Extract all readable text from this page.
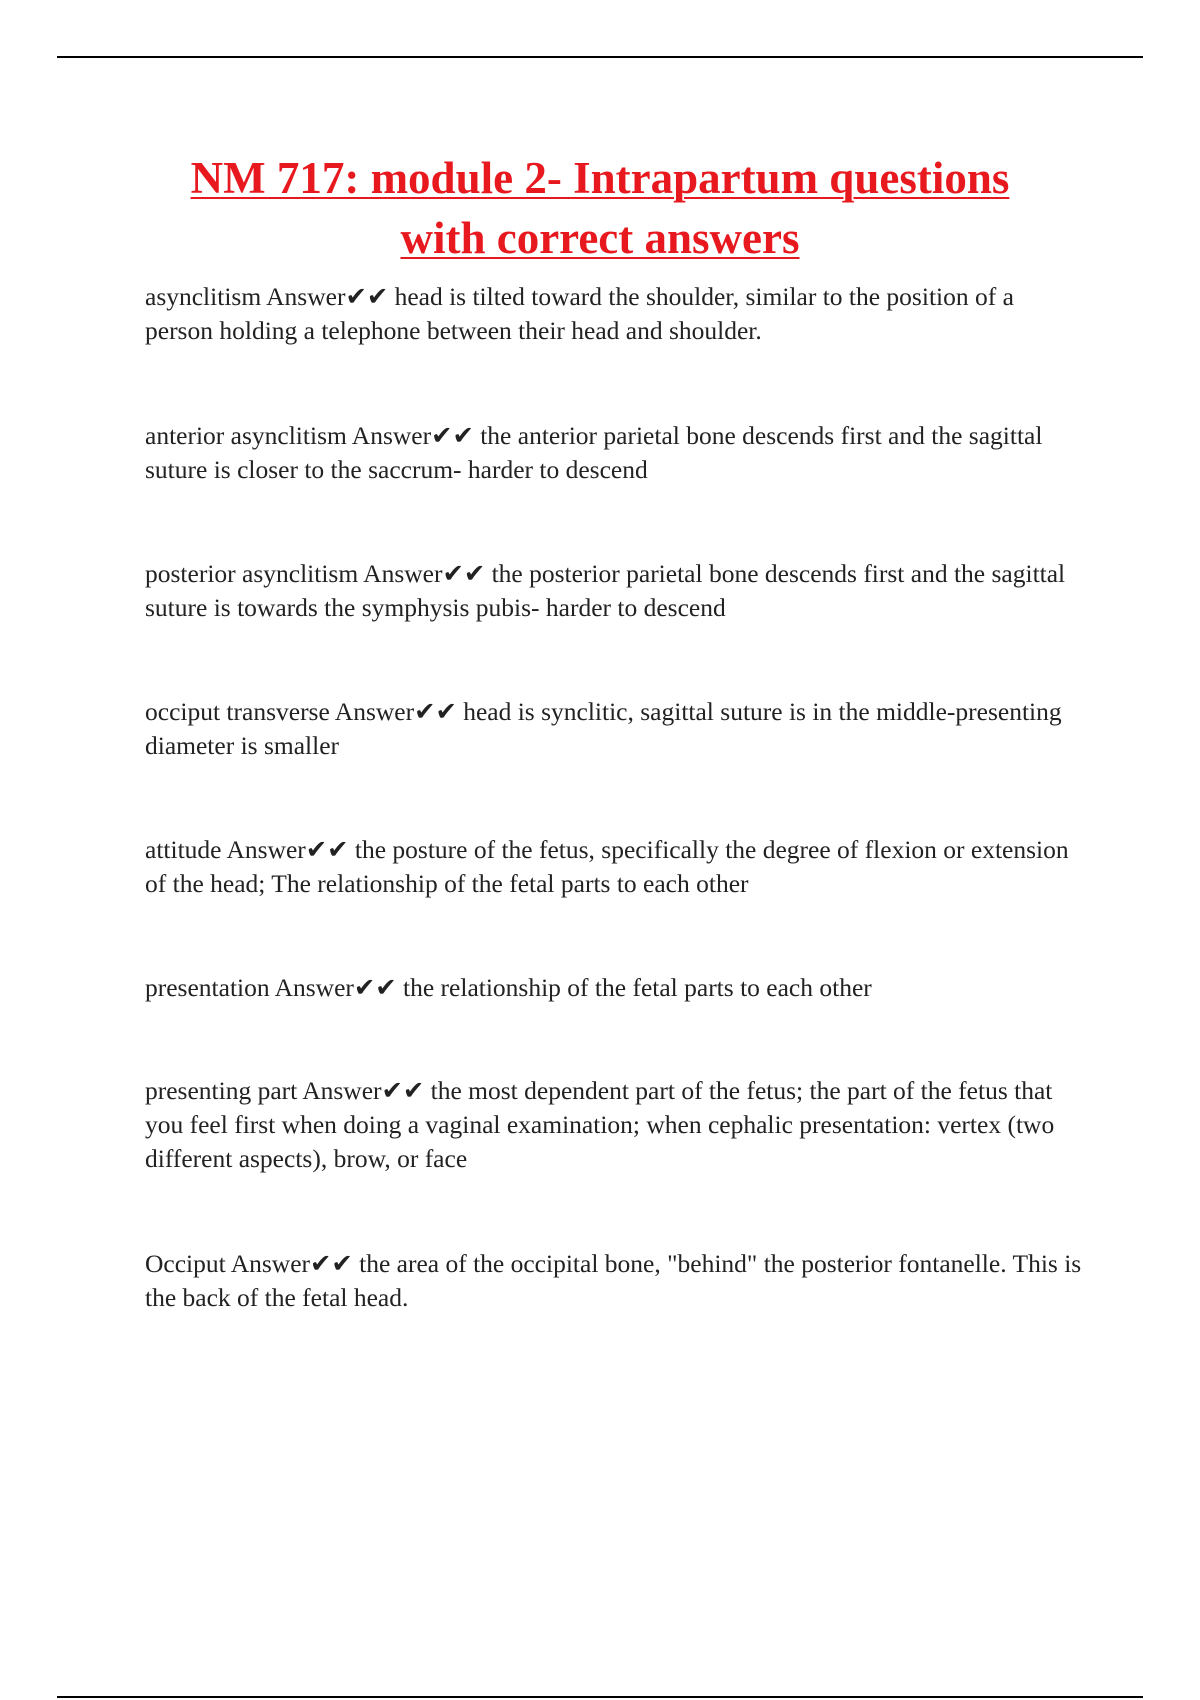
NM 717: module 2- Intrapartum questions
with correct answers

asynclitism Answer✔✔ head is tilted toward the shoulder, similar to the position of a person holding a telephone between their head and shoulder.

anterior asynclitism Answer✔✔ the anterior parietal bone descends first and the sagittal suture is closer to the saccrum- harder to descend

posterior asynclitism Answer✔✔ the posterior parietal bone descends first and the sagittal suture is towards the symphysis pubis- harder to descend

occiput transverse Answer✔✔ head is synclitic, sagittal suture is in the middle-presenting diameter is smaller

attitude Answer✔✔ the posture of the fetus, specifically the degree of flexion or extension of the head; The relationship of the fetal parts to each other

presentation Answer✔✔ the relationship of the fetal parts to each other

presenting part Answer✔✔ the most dependent part of the fetus; the part of the fetus that you feel first when doing a vaginal examination; when cephalic presentation: vertex (two different aspects), brow, or face

Occiput Answer✔✔ the area of the occipital bone, "behind" the posterior fontanelle. This is the back of the fetal head.
